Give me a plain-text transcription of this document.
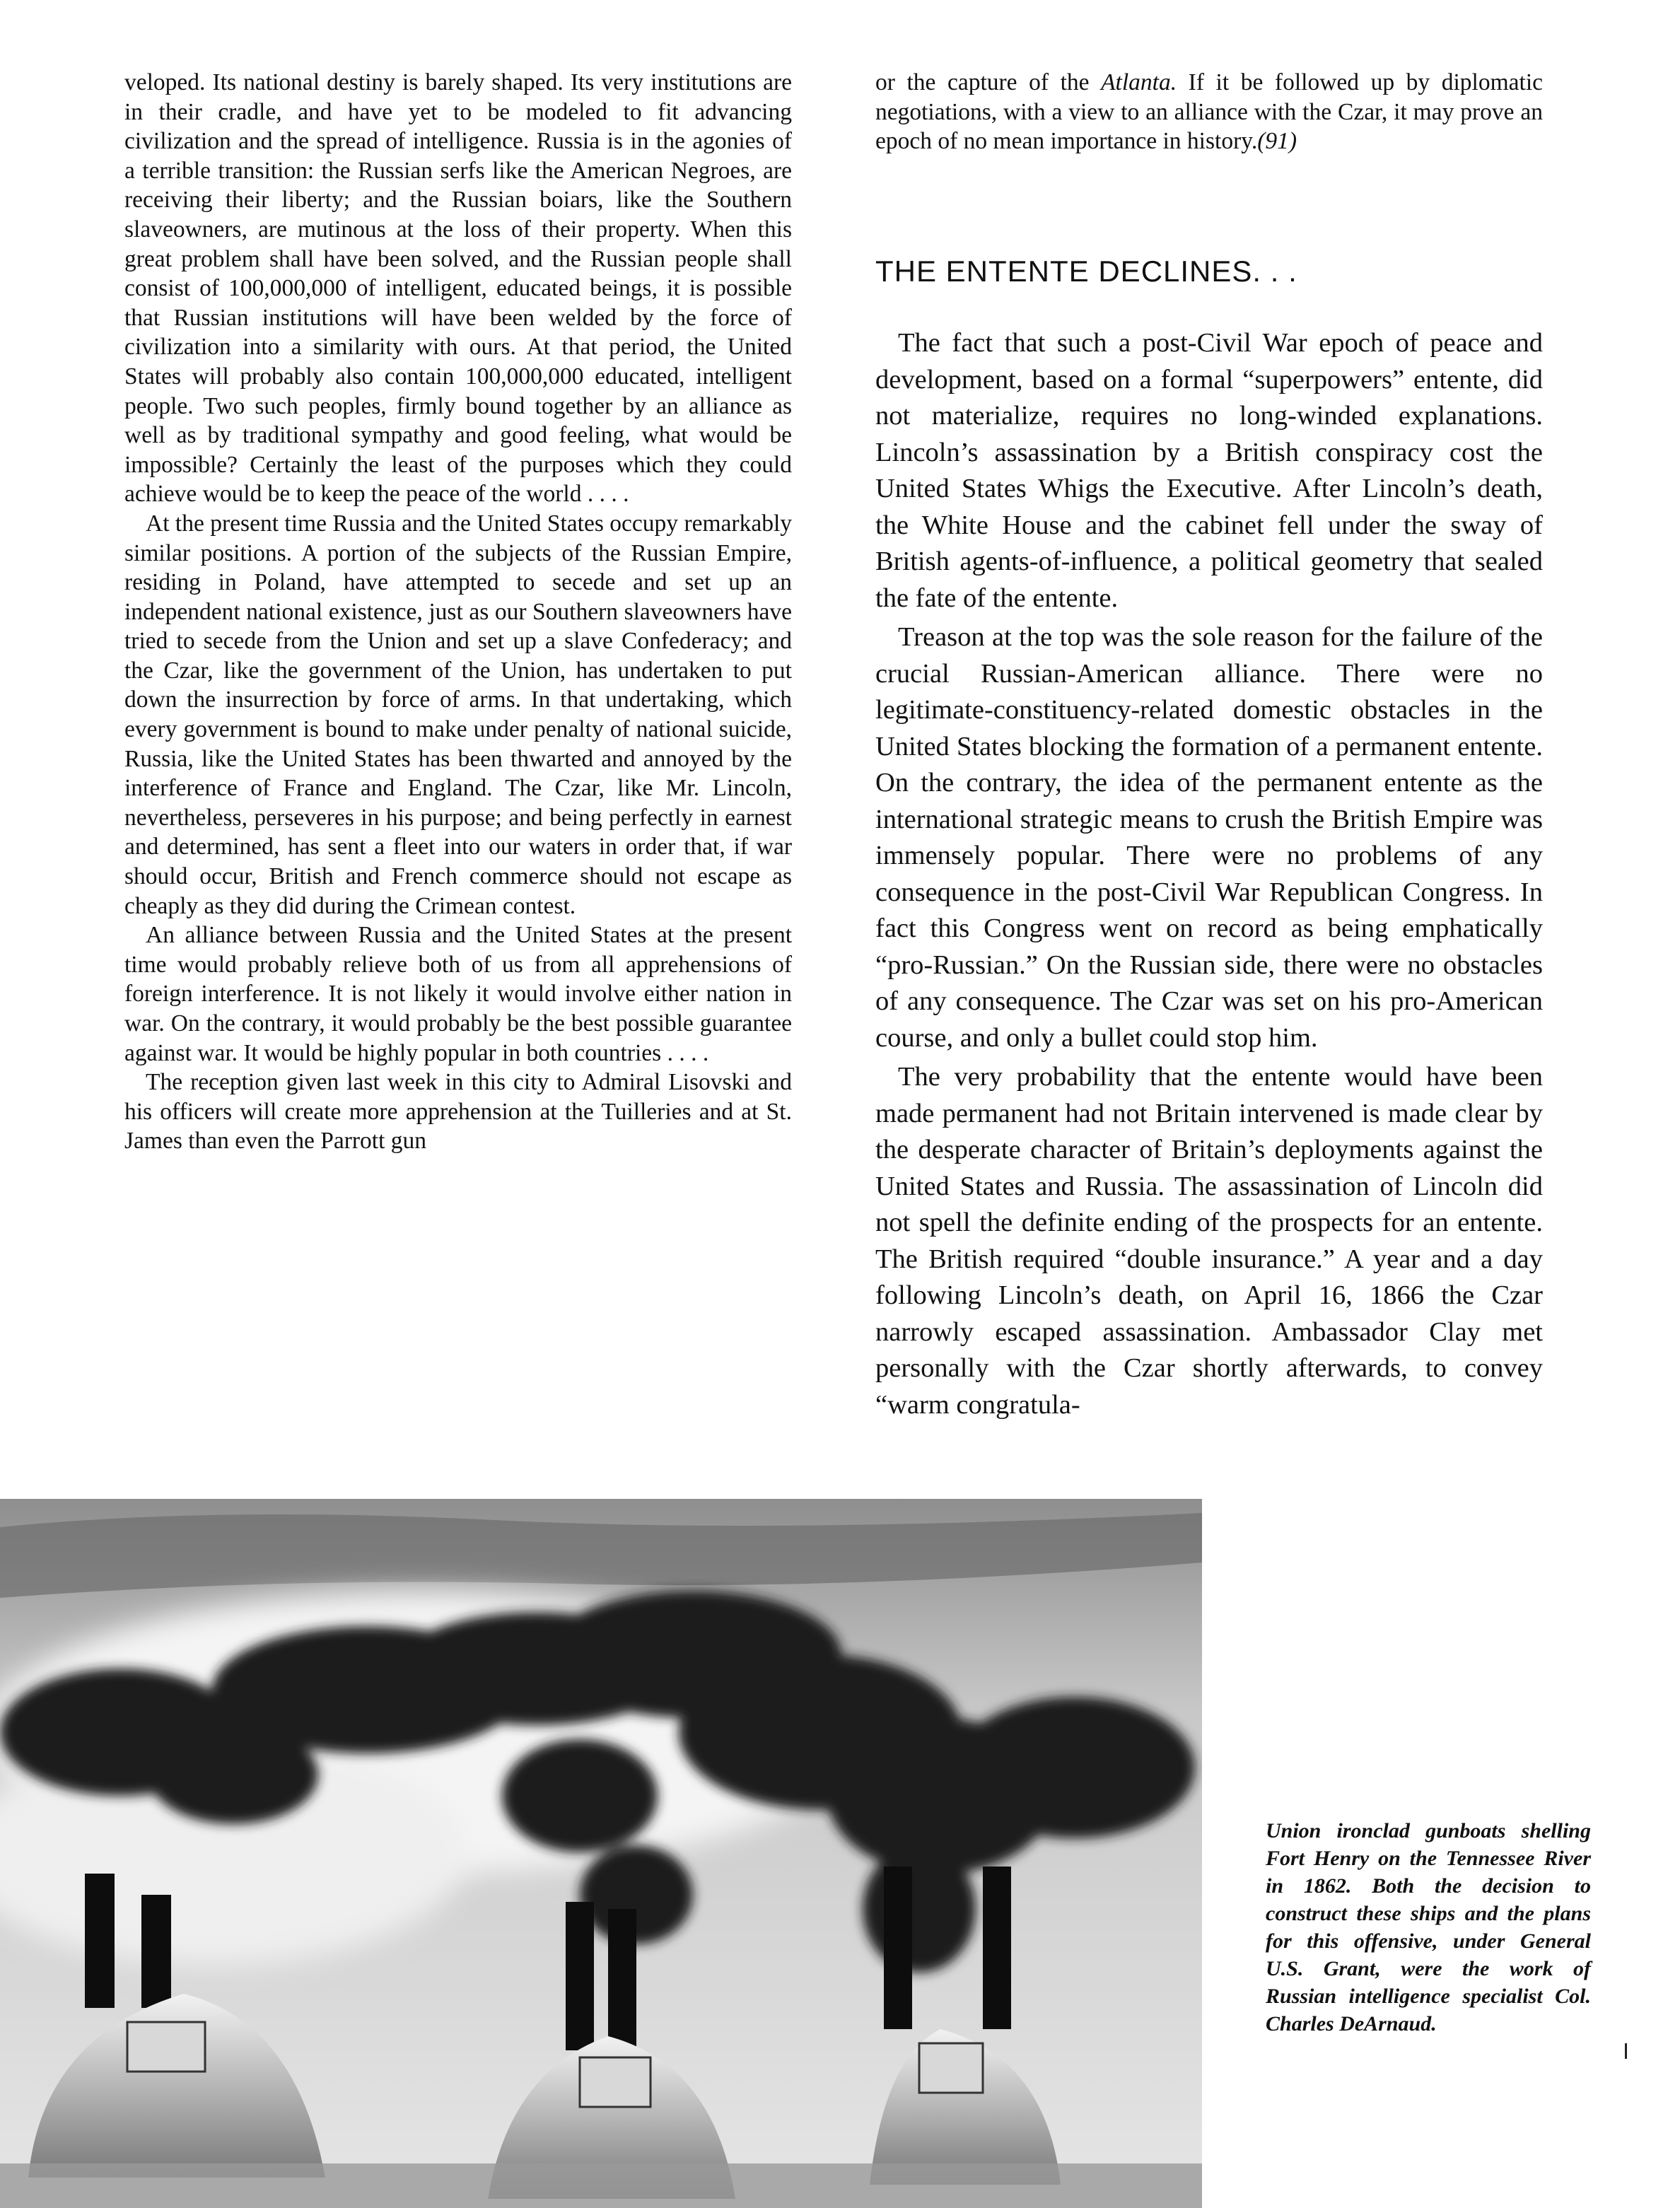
veloped. Its national destiny is barely shaped. Its very institutions are in their cradle, and have yet to be modeled to fit advancing civilization and the spread of intelligence. Russia is in the agonies of a terrible transition: the Russian serfs like the American Negroes, are receiving their liberty; and the Russian boiars, like the Southern slaveowners, are mutinous at the loss of their property. When this great problem shall have been solved, and the Russian people shall consist of 100,000,000 of intelligent, educated beings, it is possible that Russian institutions will have been welded by the force of civilization into a similarity with ours. At that period, the United States will probably also contain 100,000,000 educated, intelligent people. Two such peoples, firmly bound together by an alliance as well as by traditional sympathy and good feeling, what would be impossible? Certainly the least of the purposes which they could achieve would be to keep the peace of the world . . . .

At the present time Russia and the United States occupy remarkably similar positions. A portion of the subjects of the Russian Empire, residing in Poland, have attempted to secede and set up an independent national existence, just as our Southern slaveowners have tried to secede from the Union and set up a slave Confederacy; and the Czar, like the government of the Union, has undertaken to put down the insurrection by force of arms. In that undertaking, which every government is bound to make under penalty of national suicide, Russia, like the United States has been thwarted and annoyed by the interference of France and England. The Czar, like Mr. Lincoln, nevertheless, perseveres in his purpose; and being perfectly in earnest and determined, has sent a fleet into our waters in order that, if war should occur, British and French commerce should not escape as cheaply as they did during the Crimean contest.

An alliance between Russia and the United States at the present time would probably relieve both of us from all apprehensions of foreign interference. It is not likely it would involve either nation in war. On the contrary, it would probably be the best possible guarantee against war. It would be highly popular in both countries . . . .

The reception given last week in this city to Admiral Lisovski and his officers will create more apprehension at the Tuilleries and at St. James than even the Parrott gun

or the capture of the Atlanta. If it be followed up by diplomatic negotiations, with a view to an alliance with the Czar, it may prove an epoch of no mean importance in history.(91)

THE ENTENTE DECLINES. . .

The fact that such a post-Civil War epoch of peace and development, based on a formal “superpowers” entente, did not materialize, requires no long-winded explanations. Lincoln’s assassination by a British conspiracy cost the United States Whigs the Executive. After Lincoln’s death, the White House and the cabinet fell under the sway of British agents-of-influence, a political geometry that sealed the fate of the entente.

Treason at the top was the sole reason for the failure of the crucial Russian-American alliance. There were no legitimate-constituency-related domestic obstacles in the United States blocking the formation of a permanent entente. On the contrary, the idea of the permanent entente as the international strategic means to crush the British Empire was immensely popular. There were no problems of any consequence in the post-Civil War Republican Congress. In fact this Congress went on record as being emphatically “pro-Russian.” On the Russian side, there were no obstacles of any consequence. The Czar was set on his pro-American course, and only a bullet could stop him.

The very probability that the entente would have been made permanent had not Britain intervened is made clear by the desperate character of Britain’s deployments against the United States and Russia. The assassination of Lincoln did not spell the definite ending of the prospects for an entente. The British required “double insurance.” A year and a day following Lincoln’s death, on April 16, 1866 the Czar narrowly escaped assassination. Ambassador Clay met personally with the Czar shortly afterwards, to convey “warm congratula-

Union ironclad gunboats shelling Fort Henry on the Tennessee River in 1862. Both the decision to construct these ships and the plans for this offensive, under General U.S. Grant, were the work of Russian intelligence specialist Col. Charles DeArnaud.
